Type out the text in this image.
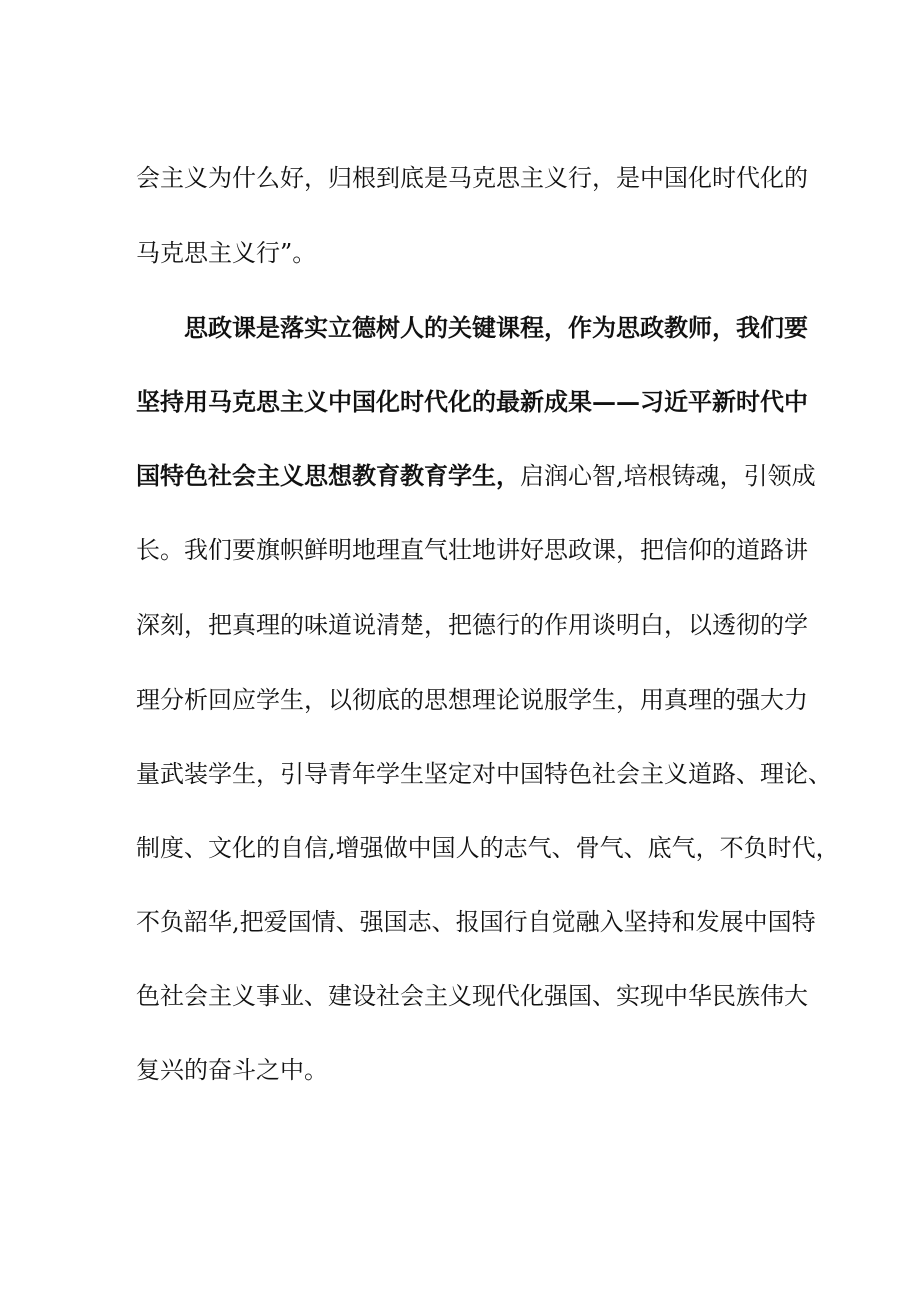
会主义为什么好，归根到底是马克思主义行，是中国化时代化的
马克思主义行”。
思政课是落实立德树人的关键课程，作为思政教师，我们要
坚持用马克思主义中国化时代化的最新成果——习近平新时代中
国特色社会主义思想教育教育学生，启润心智,培根铸魂，引领成
长。我们要旗帜鲜明地理直气壮地讲好思政课，把信仰的道路讲
深刻，把真理的味道说清楚，把德行的作用谈明白，以透彻的学
理分析回应学生，以彻底的思想理论说服学生，用真理的强大力
量武装学生，引导青年学生坚定对中国特色社会主义道路、理论、
制度、文化的自信,增强做中国人的志气、骨气、底气，不负时代，
不负韶华,把爱国情、强国志、报国行自觉融入坚持和发展中国特
色社会主义事业、建设社会主义现代化强国、实现中华民族伟大
复兴的奋斗之中。
